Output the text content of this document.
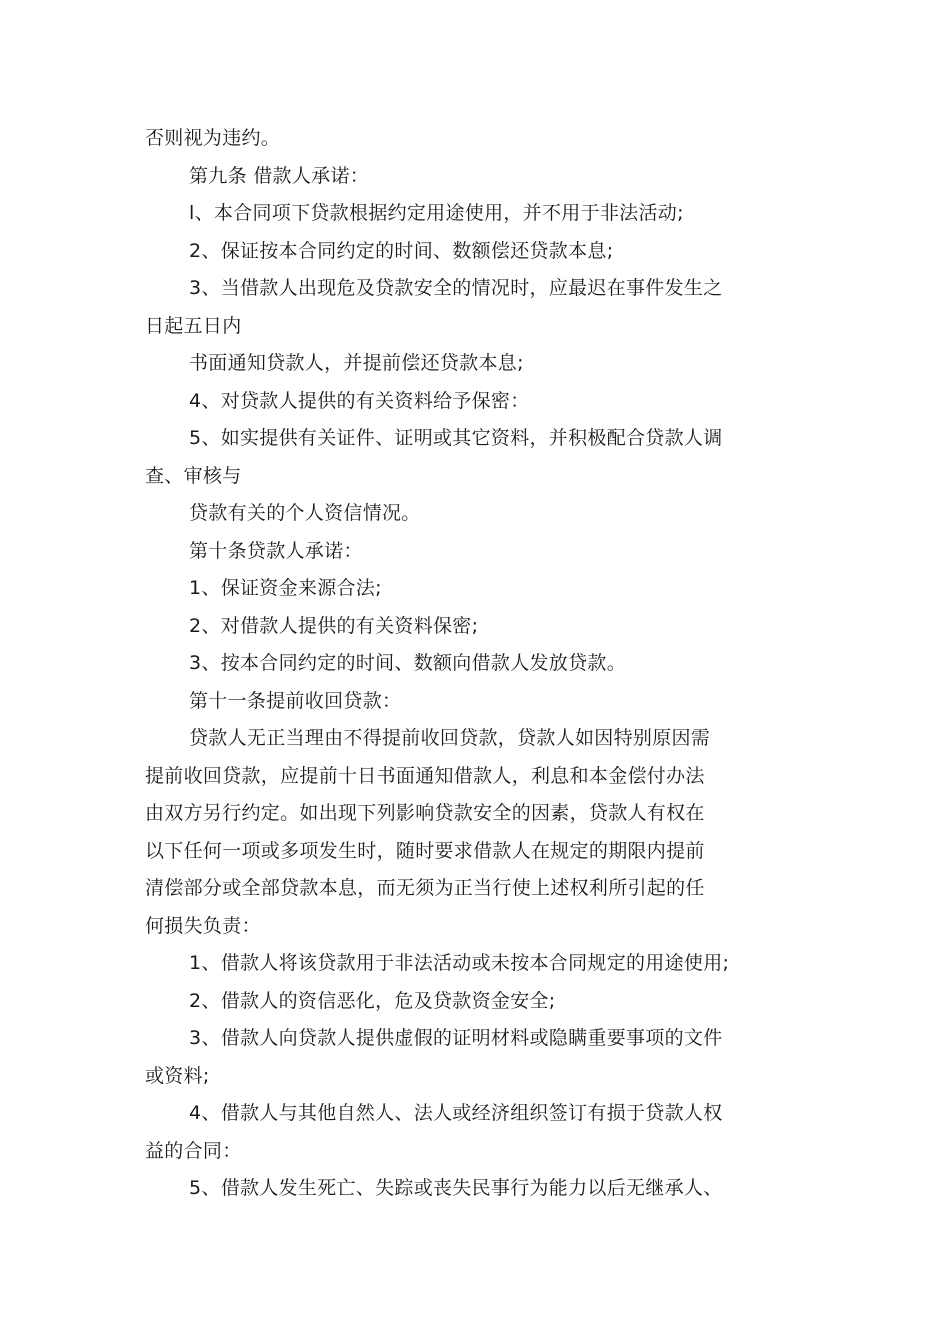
否则视为违约。

第九条 借款人承诺：

l、本合同项下贷款根据约定用途使用，并不用于非法活动;

2、保证按本合同约定的时间、数额偿还贷款本息;

3、当借款人出现危及贷款安全的情况时，应最迟在事件发生之

日起五日内

书面通知贷款人，并提前偿还贷款本息;

4、对贷款人提供的有关资料给予保密：

5、如实提供有关证件、证明或其它资料，并积极配合贷款人调

查、审核与

贷款有关的个人资信情况。

第十条贷款人承诺：

1、保证资金来源合法;

2、对借款人提供的有关资料保密;

3、按本合同约定的时间、数额向借款人发放贷款。

第十一条提前收回贷款：

贷款人无正当理由不得提前收回贷款，贷款人如因特别原因需

提前收回贷款，应提前十日书面通知借款人，利息和本金偿付办法

由双方另行约定。如出现下列影响贷款安全的因素，贷款人有权在

以下任何一项或多项发生时，随时要求借款人在规定的期限内提前

清偿部分或全部贷款本息，而无须为正当行使上述权利所引起的任

何损失负责：

1、借款人将该贷款用于非法活动或未按本合同规定的用途使用;

2、借款人的资信恶化，危及贷款资金安全;

3、借款人向贷款人提供虚假的证明材料或隐瞒重要事项的文件

或资料;

4、借款人与其他自然人、法人或经济组织签订有损于贷款人权

益的合同：

5、借款人发生死亡、失踪或丧失民事行为能力以后无继承人、
